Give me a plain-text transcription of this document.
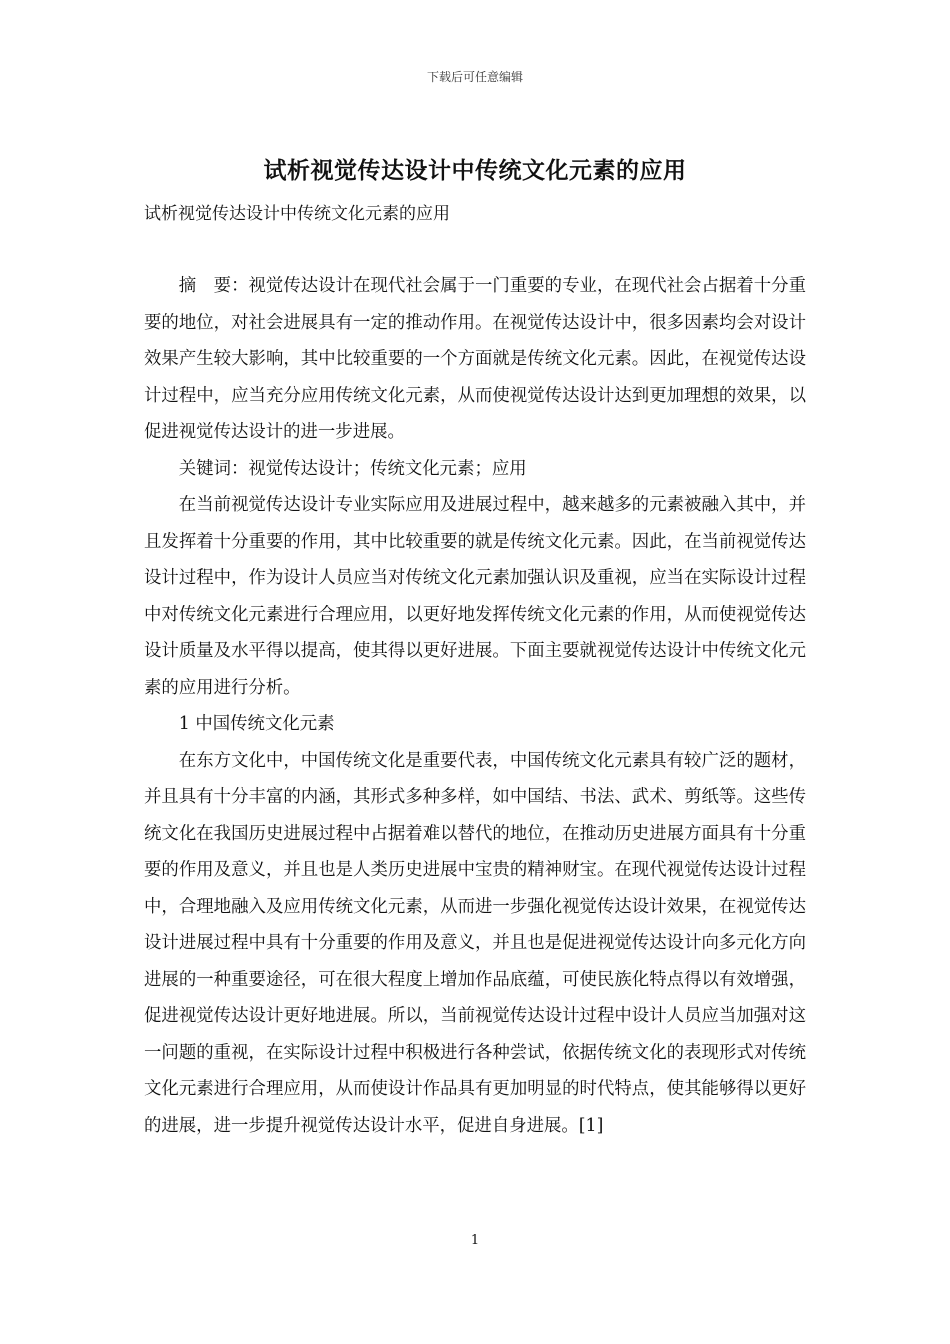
下载后可任意编辑
试析视觉传达设计中传统文化元素的应用
试析视觉传达设计中传统文化元素的应用

摘　要：视觉传达设计在现代社会属于一门重要的专业，在现代社会占据着十分重要的地位，对社会进展具有一定的推动作用。在视觉传达设计中，很多因素均会对设计效果产生较大影响，其中比较重要的一个方面就是传统文化元素。因此，在视觉传达设计过程中，应当充分应用传统文化元素，从而使视觉传达设计达到更加理想的效果，以促进视觉传达设计的进一步进展。

关键词：视觉传达设计；传统文化元素；应用

在当前视觉传达设计专业实际应用及进展过程中，越来越多的元素被融入其中，并且发挥着十分重要的作用，其中比较重要的就是传统文化元素。因此，在当前视觉传达设计过程中，作为设计人员应当对传统文化元素加强认识及重视，应当在实际设计过程中对传统文化元素进行合理应用，以更好地发挥传统文化元素的作用，从而使视觉传达设计质量及水平得以提高，使其得以更好进展。下面主要就视觉传达设计中传统文化元素的应用进行分析。

1 中国传统文化元素

在东方文化中，中国传统文化是重要代表，中国传统文化元素具有较广泛的题材，并且具有十分丰富的内涵，其形式多种多样，如中国结、书法、武术、剪纸等。这些传统文化在我国历史进展过程中占据着难以替代的地位，在推动历史进展方面具有十分重要的作用及意义，并且也是人类历史进展中宝贵的精神财宝。在现代视觉传达设计过程中，合理地融入及应用传统文化元素，从而进一步强化视觉传达设计效果，在视觉传达设计进展过程中具有十分重要的作用及意义，并且也是促进视觉传达设计向多元化方向进展的一种重要途径，可在很大程度上增加作品底蕴，可使民族化特点得以有效增强，促进视觉传达设计更好地进展。所以，当前视觉传达设计过程中设计人员应当加强对这一问题的重视，在实际设计过程中积极进行各种尝试，依据传统文化的表现形式对传统文化元素进行合理应用，从而使设计作品具有更加明显的时代特点，使其能够得以更好的进展，进一步提升视觉传达设计水平，促进自身进展。[1]

1
